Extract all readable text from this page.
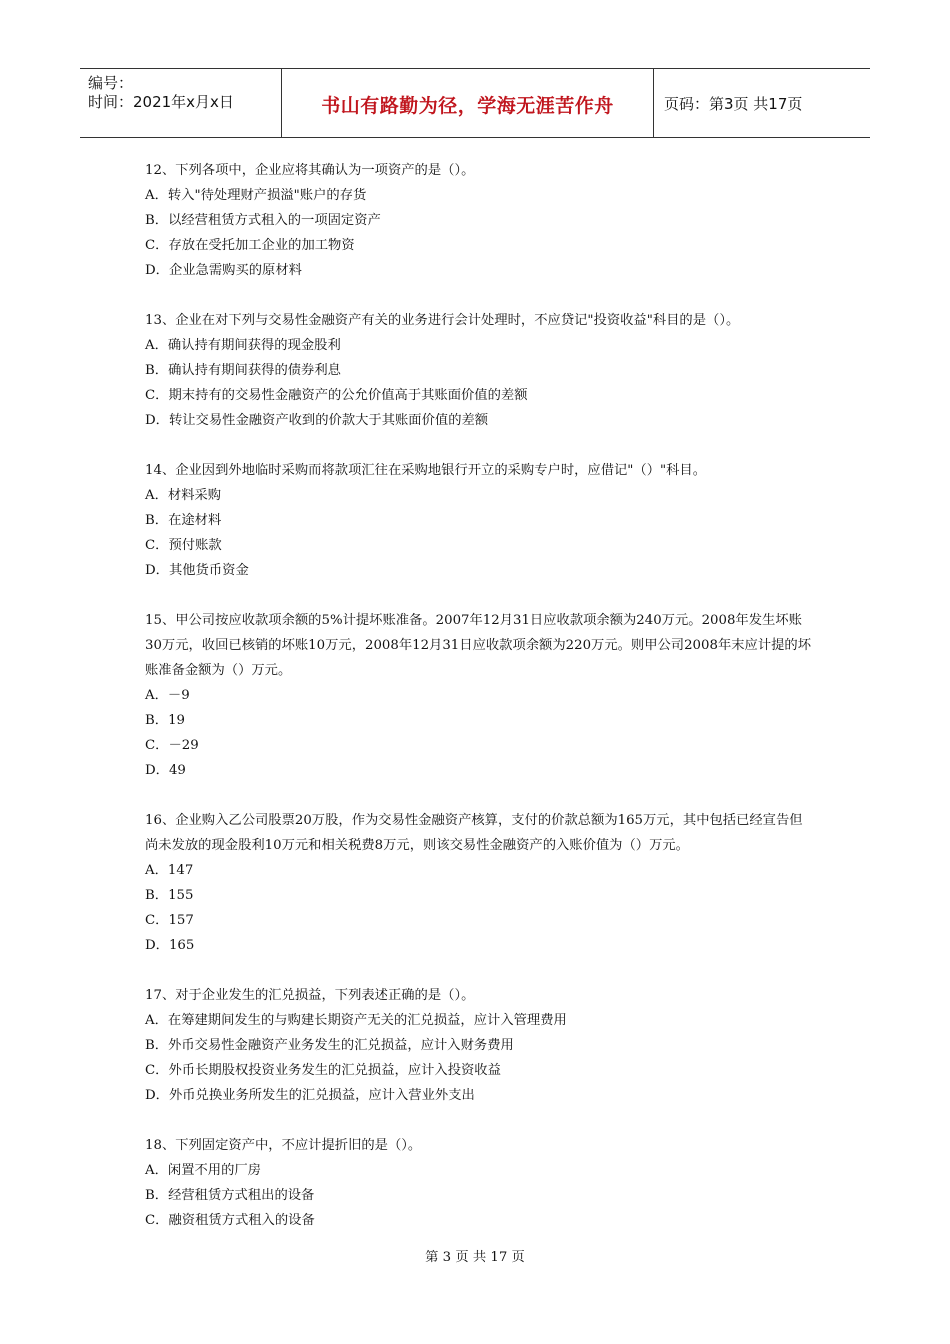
编号：
时间：2021年x月x日	书山有路勤为径，学海无涯苦作舟	页码：第3页 共17页
12、下列各项中，企业应将其确认为一项资产的是（）。
A．转入"待处理财产损溢"账户的存货
B．以经营租赁方式租入的一项固定资产
C．存放在受托加工企业的加工物资
D．企业急需购买的原材料
13、企业在对下列与交易性金融资产有关的业务进行会计处理时，不应贷记"投资收益"科目的是（）。
A．确认持有期间获得的现金股利
B．确认持有期间获得的债券利息
C．期末持有的交易性金融资产的公允价值高于其账面价值的差额
D．转让交易性金融资产收到的价款大于其账面价值的差额
14、企业因到外地临时采购而将款项汇往在采购地银行开立的采购专户时，应借记"（）"科目。
A．材料采购
B．在途材料
C．预付账款
D．其他货币资金
15、甲公司按应收款项余额的5%计提坏账准备。2007年12月31日应收款项余额为240万元。2008年发生坏账30万元，收回已核销的坏账10万元，2008年12月31日应收款项余额为220万元。则甲公司2008年末应计提的坏账准备金额为（）万元。
A．－9
B．19
C．－29
D．49
16、企业购入乙公司股票20万股，作为交易性金融资产核算，支付的价款总额为165万元，其中包括已经宣告但尚未发放的现金股利10万元和相关税费8万元，则该交易性金融资产的入账价值为（）万元。
A．147
B．155
C．157
D．165
17、对于企业发生的汇兑损益，下列表述正确的是（）。
A．在筹建期间发生的与购建长期资产无关的汇兑损益，应计入管理费用
B．外币交易性金融资产业务发生的汇兑损益，应计入财务费用
C．外币长期股权投资业务发生的汇兑损益，应计入投资收益
D．外币兑换业务所发生的汇兑损益，应计入营业外支出
18、下列固定资产中，不应计提折旧的是（）。
A．闲置不用的厂房
B．经营租赁方式租出的设备
C．融资租赁方式租入的设备
第 3 页 共 17 页
